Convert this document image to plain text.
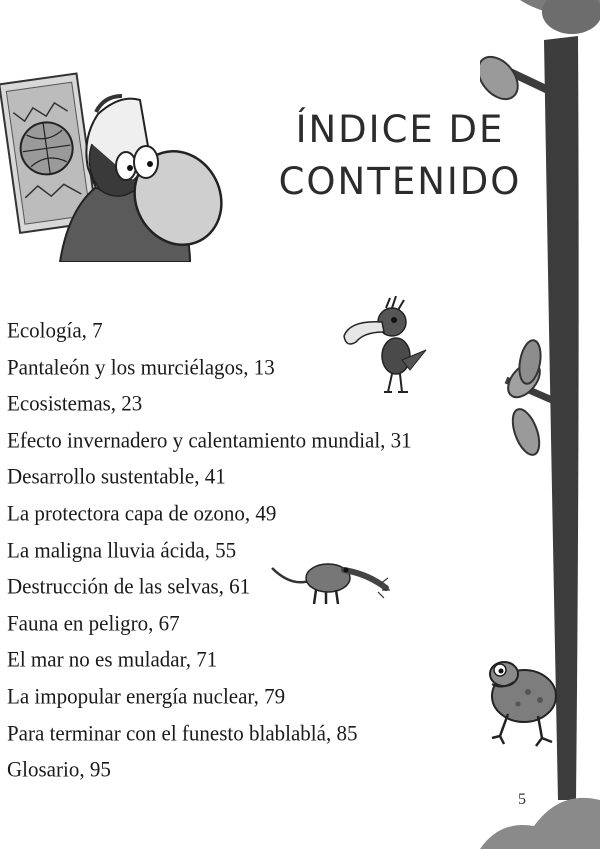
ÍNDICE DE
CONTENIDO
Ecología, 7
Pantaleón y los murciélagos, 13
Ecosistemas, 23
Efecto invernadero y calentamiento mundial, 31
Desarrollo sustentable, 41
La protectora capa de ozono, 49
La maligna lluvia ácida, 55
Destrucción de las selvas, 61
Fauna en peligro, 67
El mar no es muladar, 71
La impopular energía nuclear, 79
Para terminar con el funesto blablablá, 85
Glosario, 95
5
